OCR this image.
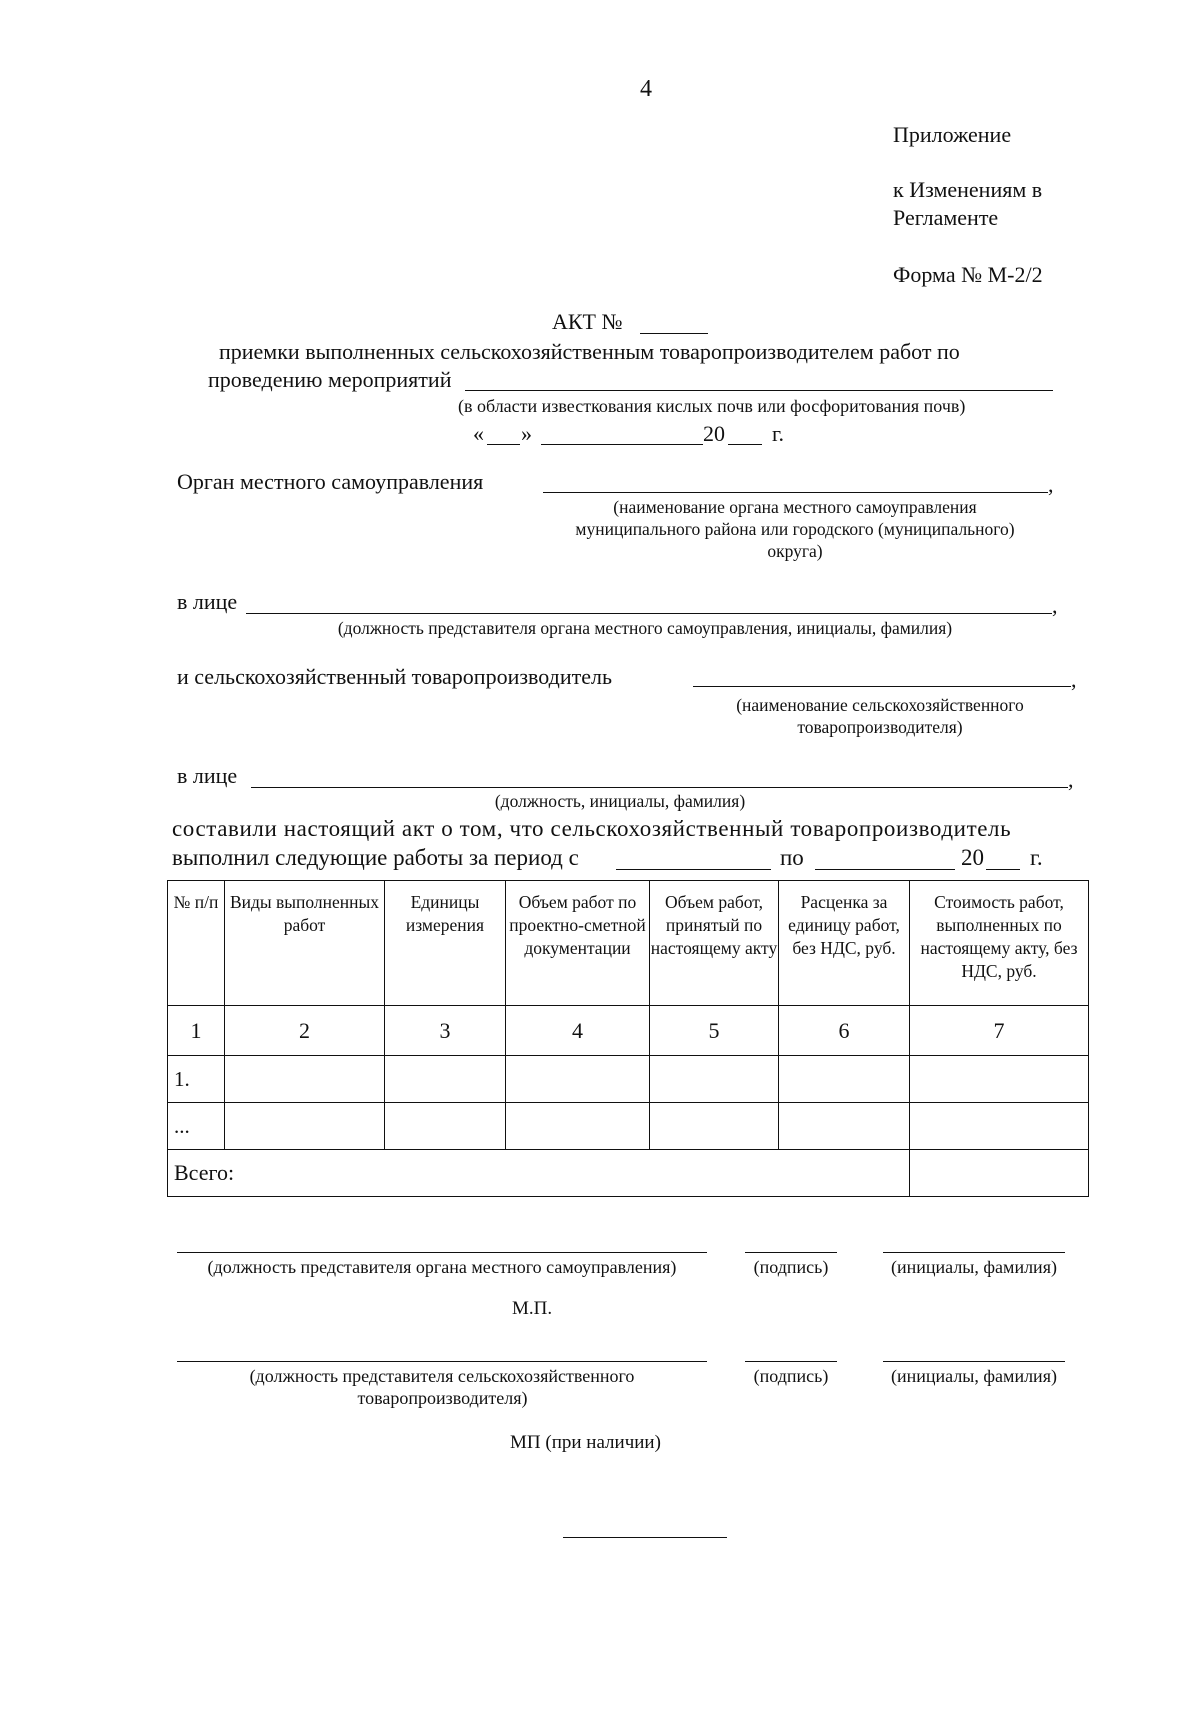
4
Приложение
к Изменениям в
Регламенте
Форма № М-2/2
АКТ №
приемки выполненных сельскохозяйственным товаропроизводителем работ по
проведению мероприятий
(в области известкования кислых почв или фосфоритования почв)
« »	20 г.
Орган местного самоуправления	,
(наименование органа местного самоуправления
муниципального района или городского (муниципального)
округа)
в лице	,
(должность представителя органа местного самоуправления, инициалы, фамилия)
и сельскохозяйственный товаропроизводитель	,
(наименование сельскохозяйственного
товаропроизводителя)
в лице	,
(должность, инициалы, фамилия)
составили настоящий акт о том, что сельскохозяйственный товаропроизводитель
выполнил следующие работы за период с	по	20 г.
№ п/п	Виды выполненных работ	Единицы измерения	Объем работ по проектно-сметной документации	Объем работ, принятый по настоящему акту	Расценка за единицу работ, без НДС, руб.	Стоимость работ, выполненных по настоящему акту, без НДС, руб.
1	2	3	4	5	6	7
1.						
...						
Всего:						
(должность представителя органа местного самоуправления)	(подпись)	(инициалы, фамилия)
М.П.
(должность представителя сельскохозяйственного
товаропроизводителя)
(подпись)	(инициалы, фамилия)
МП (при наличии)
